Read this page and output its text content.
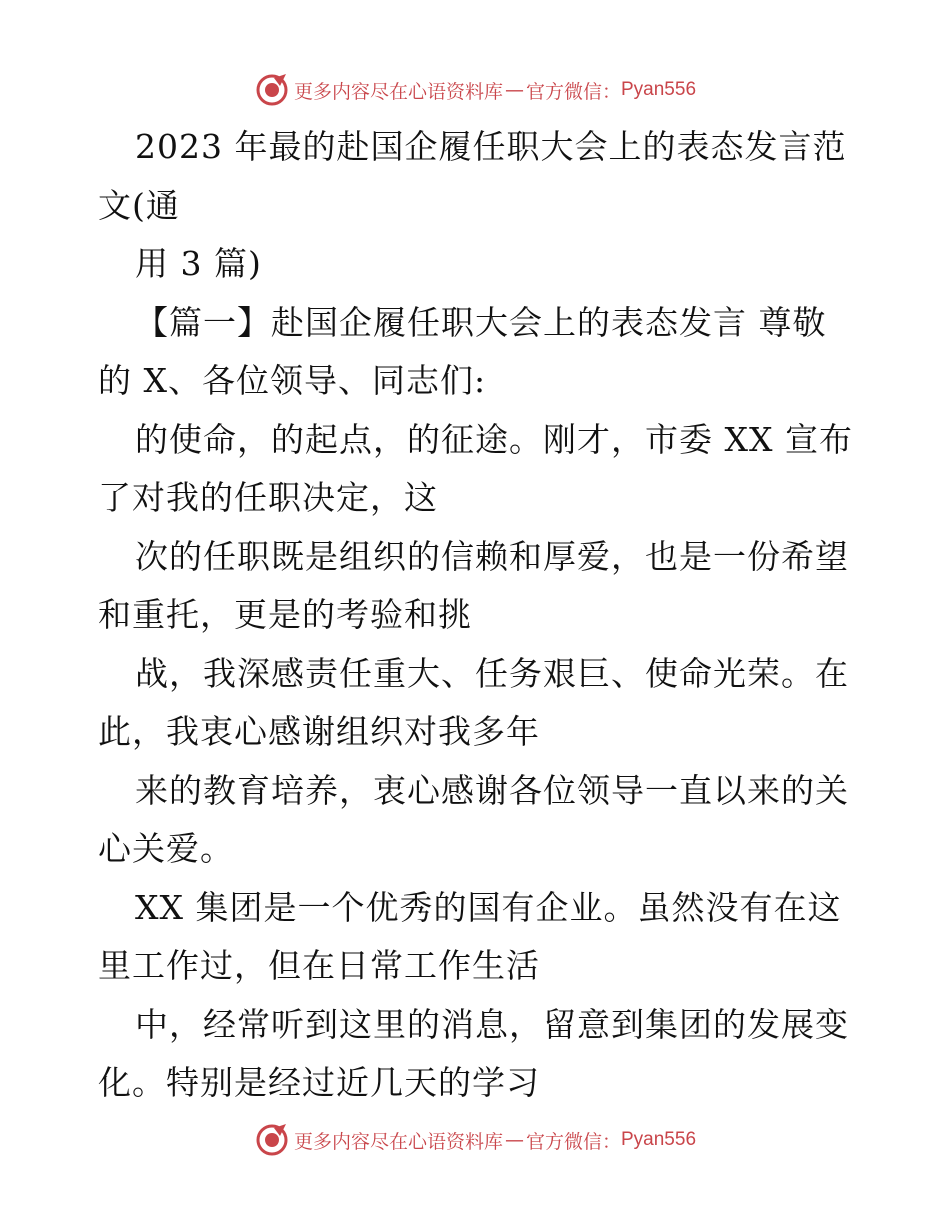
更多内容尽在心语资料库 — 官方微信： Pyan556
2023 年最的赴国企履任职大会上的表态发言范
文(通
用 3 篇)
【篇一】赴国企履任职大会上的表态发言 尊敬
的 X、各位领导、同志们:
的使命，的起点，的征途。刚才，市委 XX 宣布
了对我的任职决定，这
次的任职既是组织的信赖和厚爱，也是一份希望
和重托，更是的考验和挑
战，我深感责任重大、任务艰巨、使命光荣。在
此，我衷心感谢组织对我多年
来的教育培养，衷心感谢各位领导一直以来的关
心关爱。
XX 集团是一个优秀的国有企业。虽然没有在这
里工作过，但在日常工作生活
中，经常听到这里的消息，留意到集团的发展变
化。特别是经过近几天的学习
更多内容尽在心语资料库 — 官方微信： Pyan556
